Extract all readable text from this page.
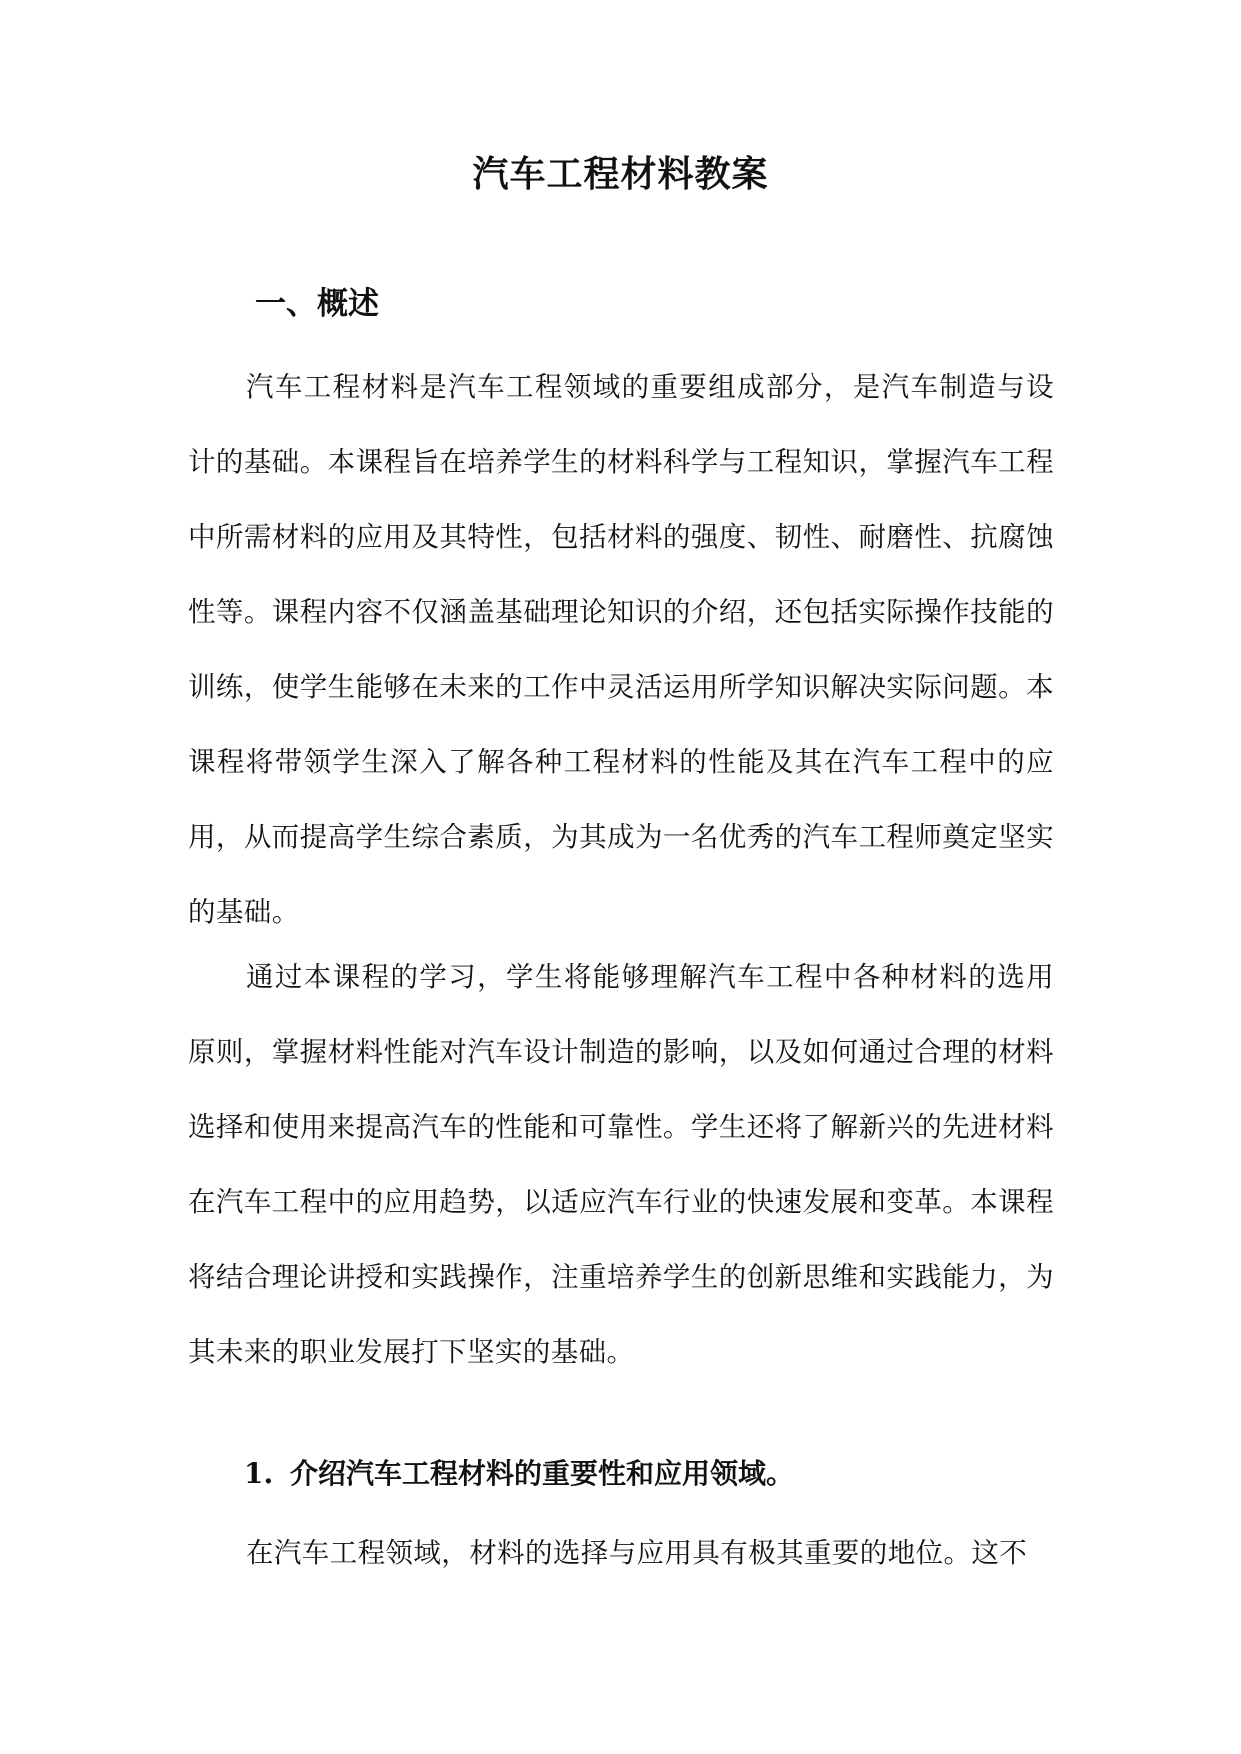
汽车工程材料教案
一、概述

汽车工程材料是汽车工程领域的重要组成部分，是汽车制造与设计的基础。本课程旨在培养学生的材料科学与工程知识，掌握汽车工程中所需材料的应用及其特性，包括材料的强度、韧性、耐磨性、抗腐蚀性等。课程内容不仅涵盖基础理论知识的介绍，还包括实际操作技能的训练，使学生能够在未来的工作中灵活运用所学知识解决实际问题。本课程将带领学生深入了解各种工程材料的性能及其在汽车工程中的应用，从而提高学生综合素质，为其成为一名优秀的汽车工程师奠定坚实的基础。

通过本课程的学习，学生将能够理解汽车工程中各种材料的选用原则，掌握材料性能对汽车设计制造的影响，以及如何通过合理的材料选择和使用来提高汽车的性能和可靠性。学生还将了解新兴的先进材料在汽车工程中的应用趋势，以适应汽车行业的快速发展和变革。本课程将结合理论讲授和实践操作，注重培养学生的创新思维和实践能力，为其未来的职业发展打下坚实的基础。

1. 介绍汽车工程材料的重要性和应用领域。

在汽车工程领域，材料的选择与应用具有极其重要的地位。这不
